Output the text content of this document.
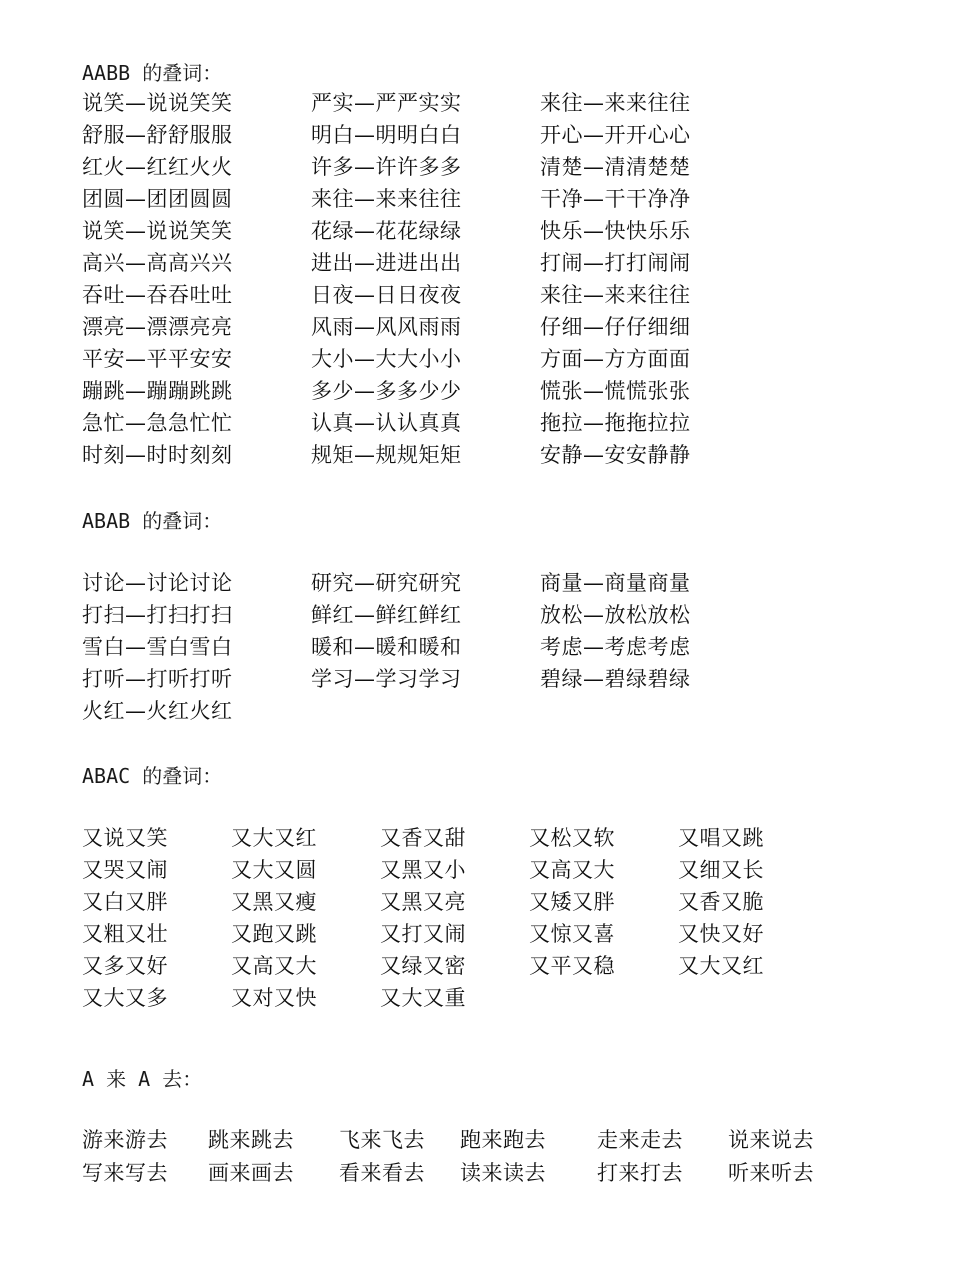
AABB 的叠词：
说笑—说说笑笑	严实—严严实实	来往—来来往往
舒服—舒舒服服	明白—明明白白	开心—开开心心
红火—红红火火	许多—许许多多	清楚—清清楚楚
团圆—团团圆圆	来往—来来往往	干净—干干净净
说笑—说说笑笑	花绿—花花绿绿	快乐—快快乐乐
高兴—高高兴兴	进出—进进出出	打闹—打打闹闹
吞吐—吞吞吐吐	日夜—日日夜夜	来往—来来往往
漂亮—漂漂亮亮	风雨—风风雨雨	仔细—仔仔细细
平安—平平安安	大小—大大小小	方面—方方面面
蹦跳—蹦蹦跳跳	多少—多多少少	慌张—慌慌张张
急忙—急急忙忙	认真—认认真真	拖拉—拖拖拉拉
时刻—时时刻刻	规矩—规规矩矩	安静—安安静静
ABAB 的叠词：
讨论—讨论讨论	研究—研究研究	商量—商量商量
打扫—打扫打扫	鲜红—鲜红鲜红	放松—放松放松
雪白—雪白雪白	暖和—暖和暖和	考虑—考虑考虑
打听—打听打听	学习—学习学习	碧绿—碧绿碧绿
火红—火红火红
ABAC 的叠词：
又说又笑	又大又红	又香又甜	又松又软	又唱又跳
又哭又闹	又大又圆	又黑又小	又高又大	又细又长
又白又胖	又黑又瘦	又黑又亮	又矮又胖	又香又脆
又粗又壮	又跑又跳	又打又闹	又惊又喜	又快又好
又多又好	又高又大	又绿又密	又平又稳	又大又红
又大又多	又对又快	又大又重
A 来 A 去：
游来游去 跳来跳去 飞来飞去 跑来跑去 走来走去 说来说去
写来写去 画来画去 看来看去 读来读去 打来打去 听来听去
